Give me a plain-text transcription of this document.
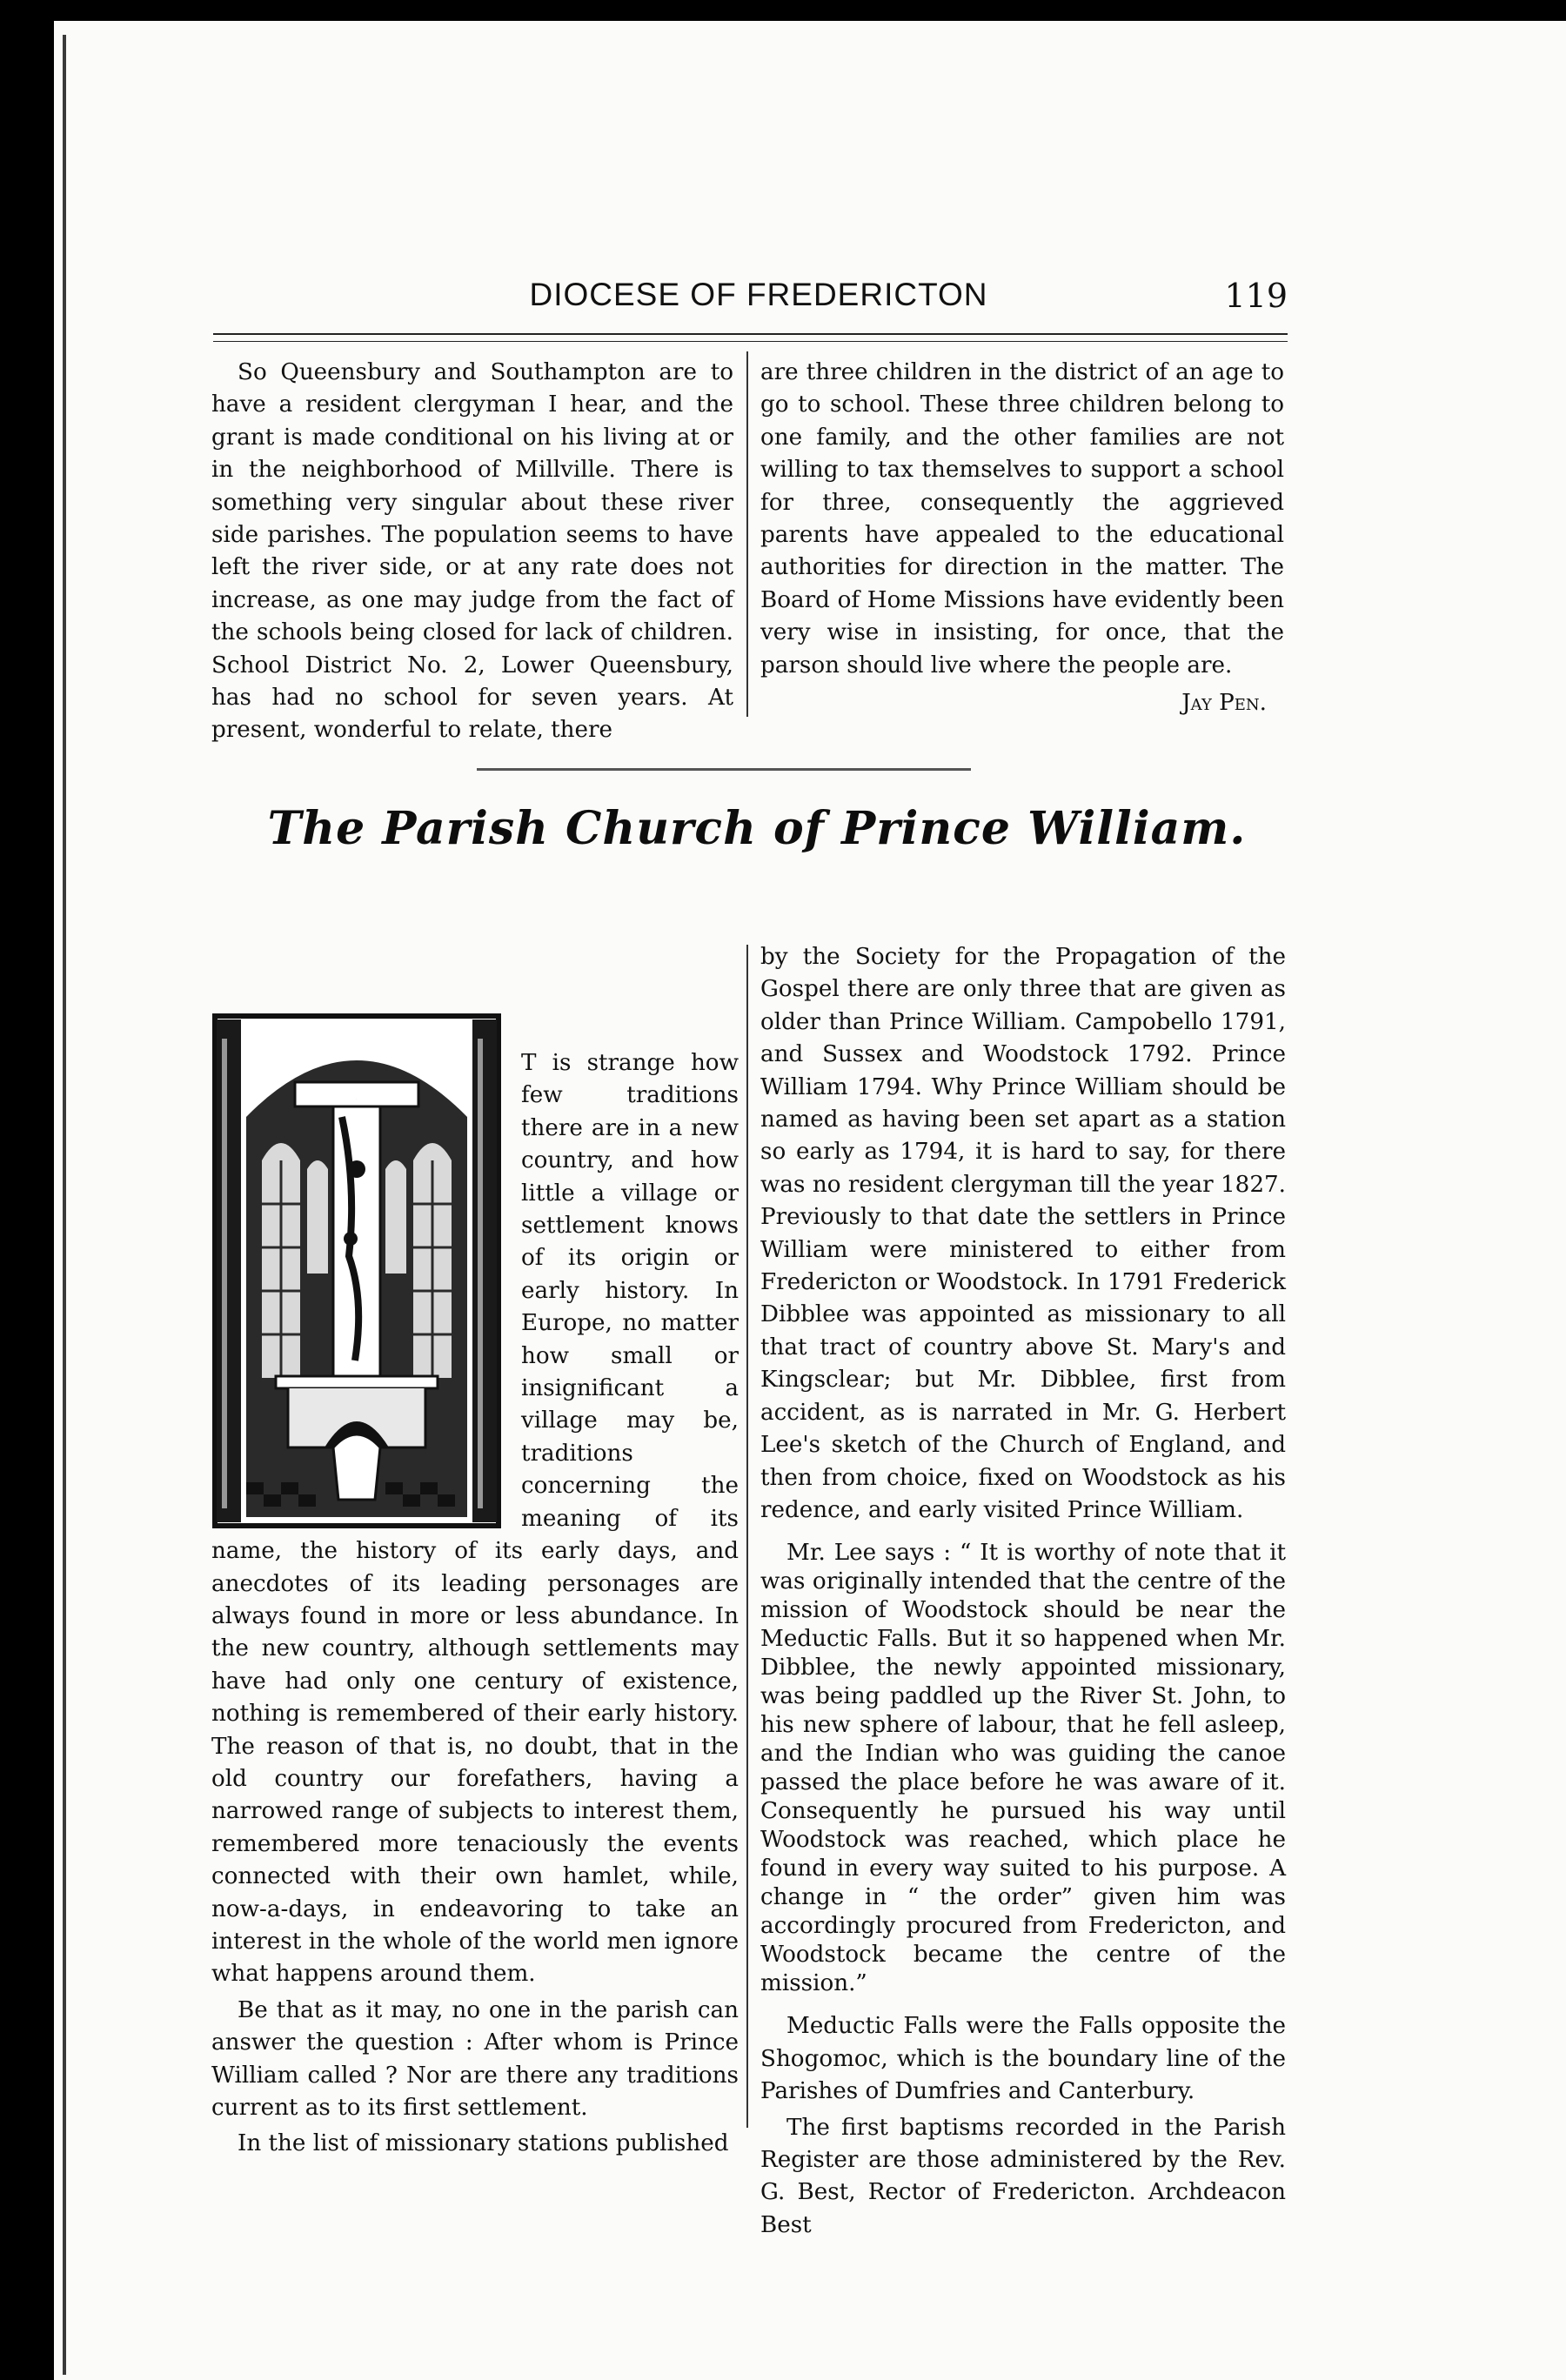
DIOCESE OF FREDERICTON	119

So Queensbury and Southampton are to have a resident clergyman I hear, and the grant is made conditional on his living at or in the neighborhood of Millville. There is something very singular about these river side parishes. The population seems to have left the river side, or at any rate does not increase, as one may judge from the fact of the schools being closed for lack of children. School District No. 2, Lower Queensbury, has had no school for seven years. At present, wonderful to relate, there

are three children in the district of an age to go to school. These three children belong to one family, and the other families are not willing to tax themselves to support a school for three, consequently the aggrieved parents have appealed to the educational authorities for direction in the matter. The Board of Home Missions have evidently been very wise in insisting, for once, that the parson should live where the people are.

Jay Pen.

The Parish Church of Prince William.
I

T is strange how few traditions there are in a new country, and how little a village or settlement knows of its origin or early history. In Europe, no matter how small or insignificant a village may be, traditions concerning the meaning of its name, the history of its early days, and anecdotes of its leading personages are always found in more or less abundance. In the new country, although settlements may have had only one century of existence, nothing is remembered of their early history. The reason of that is, no doubt, that in the old country our forefathers, having a narrowed range of subjects to interest them, remembered more tenaciously the events connected with their own hamlet, while, now-a-days, in endeavoring to take an interest in the whole of the world men ignore what happens around them.

Be that as it may, no one in the parish can answer the question : After whom is Prince William called ? Nor are there any traditions current as to its first settlement.

In the list of missionary stations published

by the Society for the Propagation of the Gospel there are only three that are given as older than Prince William. Campobello 1791, and Sussex and Woodstock 1792. Prince William 1794. Why Prince William should be named as having been set apart as a station so early as 1794, it is hard to say, for there was no resident clergyman till the year 1827. Previously to that date the settlers in Prince William were ministered to either from Fredericton or Woodstock. In 1791 Frederick Dibblee was appointed as missionary to all that tract of country above St. Mary's and Kingsclear; but Mr. Dibblee, first from accident, as is narrated in Mr. G. Herbert Lee's sketch of the Church of England, and then from choice, fixed on Woodstock as his redence, and early visited Prince William.

Mr. Lee says : “ It is worthy of note that it was originally intended that the centre of the mission of Woodstock should be near the Meductic Falls. But it so happened when Mr. Dibblee, the newly appointed missionary, was being paddled up the River St. John, to his new sphere of labour, that he fell asleep, and the Indian who was guiding the canoe passed the place before he was aware of it. Consequently he pursued his way until Woodstock was reached, which place he found in every way suited to his purpose. A change in “ the order” given him was accordingly procured from Fredericton, and Woodstock became the centre of the mission.”

Meductic Falls were the Falls opposite the Shogomoc, which is the boundary line of the Parishes of Dumfries and Canterbury.

The first baptisms recorded in the Parish Register are those administered by the Rev. G. Best, Rector of Fredericton. Archdeacon Best
